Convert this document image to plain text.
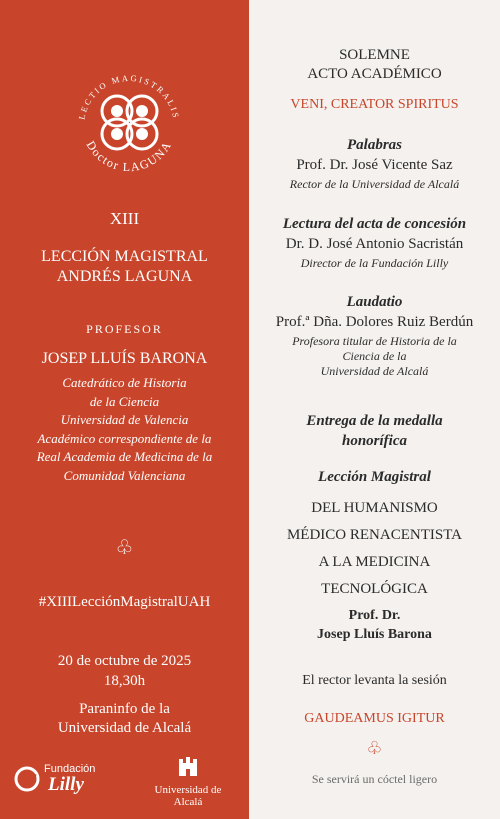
LECTIO MAGISTRALIS
Doctor LAGUNA
XIII
LECCIÓN MAGISTRAL
ANDRÉS LAGUNA
PROFESOR
JOSEP LLUÍS BARONA
Catedrático de Historia
de la Ciencia
Universidad de Valencia
Académico correspondiente de la
Real Academia de Medicina de la
Comunidad Valenciana
♧
#XIIILecciónMagistralUAH
20 de octubre de 2025
18,30h
Paraninfo de la
Universidad de Alcalá
Fundación
Lilly	Universidad de Alcalá
SOLEMNE
ACTO ACADÉMICO
VENI, CREATOR SPIRITUS
Palabras
Prof. Dr. José Vicente Saz
Rector de la Universidad de Alcalá
Lectura del acta de concesión
Dr. D. José Antonio Sacristán
Director de la Fundación Lilly
Laudatio
Prof.ª Dña. Dolores Ruiz Berdún
Profesora titular de Historia de la
Ciencia de la
Universidad de Alcalá
Entrega de la medalla
honorífica
Lección Magistral
DEL HUMANISMO
MÉDICO RENACENTISTA
A LA MEDICINA
TECNOLÓGICA
Prof. Dr.
Josep Lluís Barona
El rector levanta la sesión
GAUDEAMUS IGITUR
♧
Se servirá un cóctel ligero
